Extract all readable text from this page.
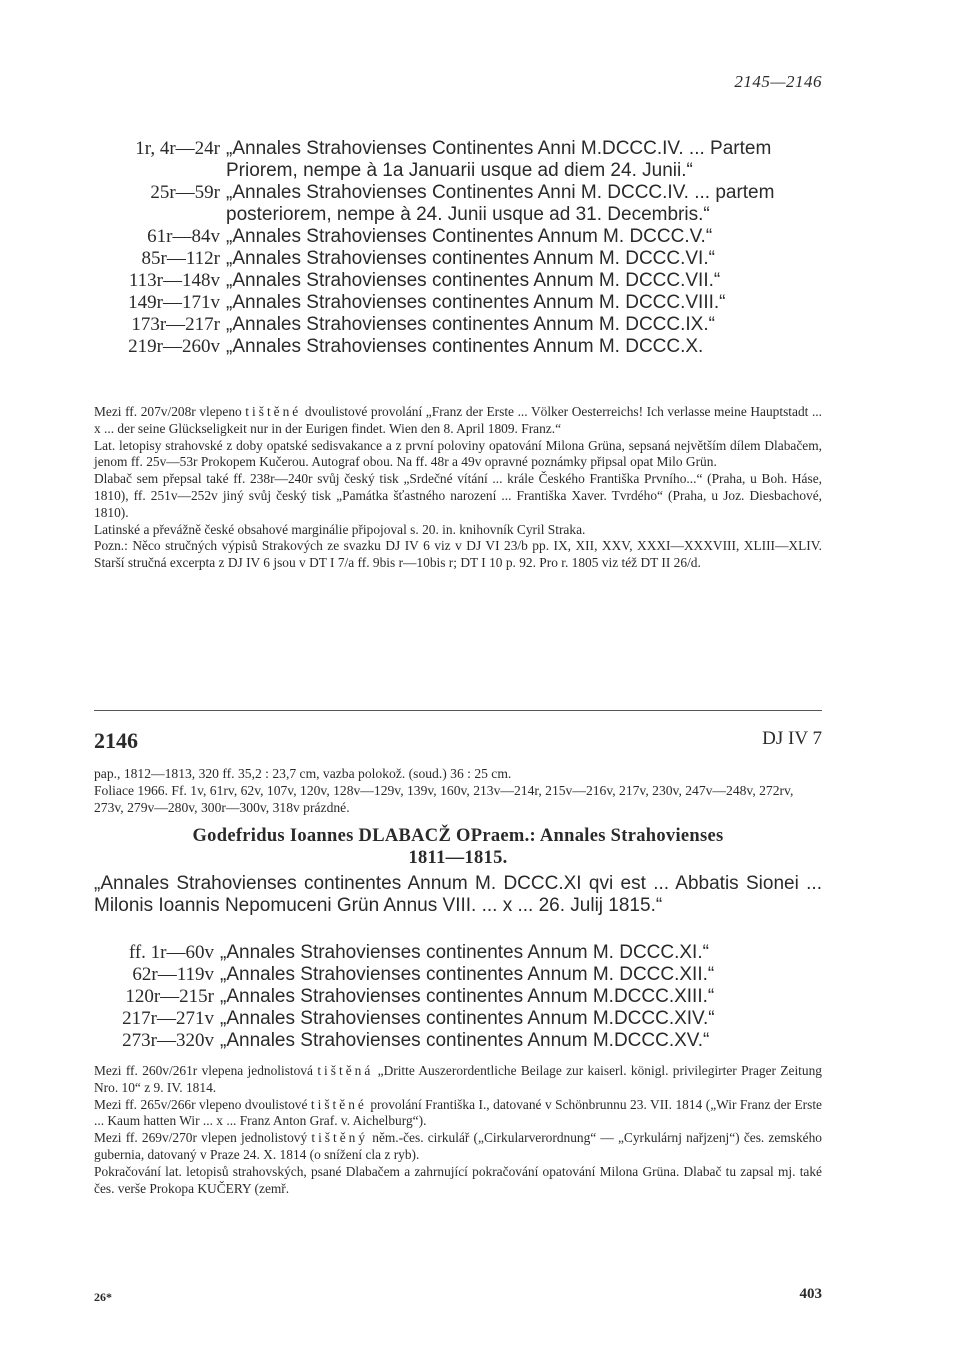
2145—2146
1r, 4r—24r „Annales Strahovienses Continentes Anni M.DCCC.IV. ... Partem Priorem, nempe à 1a Januarii usque ad diem 24. Junii.“
25r—59r „Annales Strahovienses Continentes Anni M. DCCC.IV. ... partem posteriorem, nempe à 24. Junii usque ad 31. Decembris.“
61r—84v „Annales Strahovienses Continentes Annum M. DCCC.V.“
85r—112r „Annales Strahovienses continentes Annum M. DCCC.VI.“
113r—148v „Annales Strahovienses continentes Annum M. DCCC.VII.“
149r—171v „Annales Strahovienses continentes Annum M. DCCC.VIII.“
173r—217r „Annales Strahovienses continentes Annum M. DCCC.IX.“
219r—260v „Annales Strahovienses continentes Annum M. DCCC.X.

Mezi ff. 207v/208r vlepeno tištěné dvoulistové provolání „Franz der Erste ... Völker Oesterreichs! Ich verlasse meine Hauptstadt ... x ... der seine Glückseligkeit nur in der Eurigen findet. Wien den 8. April 1809. Franz.“

Lat. letopisy strahovské z doby opatské sedisvakance a z první poloviny opatování Milona Grüna, sepsaná největším dílem Dlabačem, jenom ff. 25v—53r Prokopem Kučerou. Autograf obou. Na ff. 48r a 49v opravné poznámky připsal opat Milo Grün.

Dlabač sem přepsal také ff. 238r—240r svůj český tisk „Srdečné vítání ... krále Českého Františka Prvního...“ (Praha, u Boh. Háse, 1810), ff. 251v—252v jiný svůj český tisk „Památka šťastného narození ... Františka Xaver. Tvrdého“ (Praha, u Joz. Diesbachové, 1810).

Latinské a převážně české obsahové marginálie připojoval s. 20. in. knihovník Cyril Straka.

Pozn.: Něco stručných výpisů Strakových ze svazku DJ IV 6 viz v DJ VI 23/b pp. IX, XII, XXV, XXXI—XXXVIII, XLIII—XLIV. Starší stručná excerpta z DJ IV 6 jsou v DT I 7/a ff. 9bis r—10bis r; DT I 10 p. 92. Pro r. 1805 viz též DT II 26/d.

2146	DJ IV 7

pap., 1812—1813, 320 ff. 35,2 : 23,7 cm, vazba polokož. (soud.) 36 : 25 cm.

Foliace 1966. Ff. 1v, 61rv, 62v, 107v, 120v, 128v—129v, 139v, 160v, 213v—214r, 215v—216v, 217v, 230v, 247v—248v, 272rv, 273v, 279v—280v, 300r—300v, 318v prázdné.

Godefridus Ioannes DLABACŽ OPraem.: Annales Strahovienses
1811—1815.
„Annales Strahovienses continentes Annum M. DCCC.XI qvi est ... Abbatis Sionei ... Milonis Ioannis Nepomuceni Grün Annus VIII. ... x ... 26. Julij 1815.“
ff. 1r—60v „Annales Strahovienses continentes Annum M. DCCC.XI.“
62r—119v „Annales Strahovienses continentes Annum M. DCCC.XII.“
120r—215r „Annales Strahovienses continentes Annum M.DCCC.XIII.“
217r—271v „Annales Strahovienses continentes Annum M.DCCC.XIV.“
273r—320v „Annales Strahovienses continentes Annum M.DCCC.XV.“

Mezi ff. 260v/261r vlepena jednolistová tištěná „Dritte Auszerordentliche Beilage zur kaiserl. königl. privilegirter Prager Zeitung Nro. 10“ z 9. IV. 1814.

Mezi ff. 265v/266r vlepeno dvoulistové tištěné provolání Františka I., datované v Schönbrunnu 23. VII. 1814 („Wir Franz der Erste ... Kaum hatten Wir ... x ... Franz Anton Graf. v. Aichelburg“).

Mezi ff. 269v/270r vlepen jednolistový tištěný něm.-čes. cirkulář („Cirkularverordnung“ — „Cyrkulárnj nařjzenj“) čes. zemského gubernia, datovaný v Praze 24. X. 1814 (o snížení cla z ryb).

Pokračování lat. letopisů strahovských, psané Dlabačem a zahrnující pokračování opatování Milona Grüna. Dlabač tu zapsal mj. také čes. verše Prokopa KUČERY (zemř.

26*	403
